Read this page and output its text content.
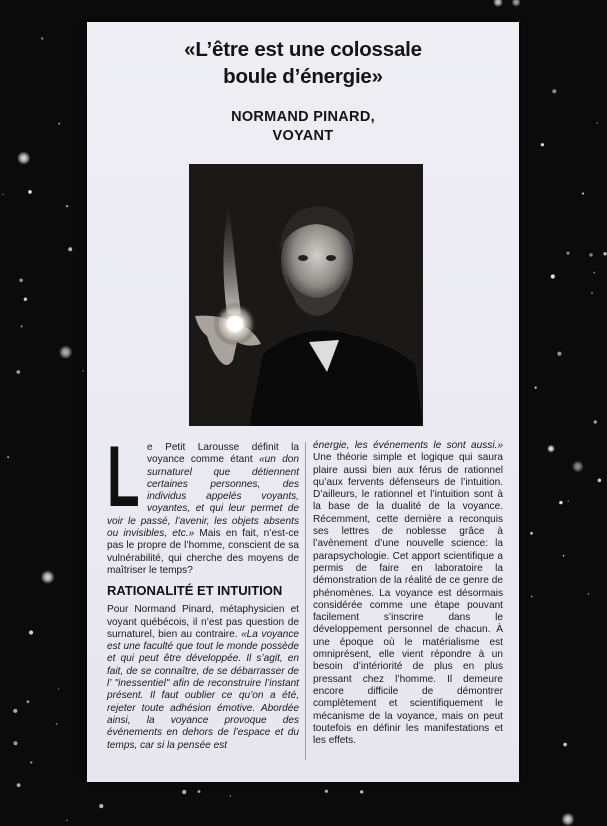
«L’être est une colossale
boule d’énergie»
NORMAND PINARD,
VOYANT

Le Petit Larousse définit la voyance comme étant «un don surnaturel que détiennent certaines personnes, des individus appelés voyants, voyantes, et qui leur permet de voir le passé, l’avenir, les objets absents ou invisibles, etc.» Mais en fait, n’est-ce pas le propre de l’homme, conscient de sa vulnérabilité, qui cherche des moyens de maîtriser le temps?

RATIONALITÉ ET INTUITION

Pour Normand Pinard, métaphysicien et voyant québécois, il n’est pas question de surnaturel, bien au contraire. «La voyance est une faculté que tout le monde possède et qui peut être développée. Il s’agit, en fait, de se connaître, de se débarrasser de l’ "inessentiel" afin de reconstruire l’instant présent. Il faut oublier ce qu’on a été, rejeter toute adhésion émotive. Abordée ainsi, la voyance provoque des événements en dehors de l’espace et du temps, car si la pensée est

énergie, les événements le sont aussi.» Une théorie simple et logique qui saura plaire aussi bien aux férus de rationnel qu’aux fervents défenseurs de l’intuition. D’ailleurs, le rationnel et l’intuition sont à la base de la dualité de la voyance. Récemment, cette dernière a reconquis ses lettres de noblesse grâce à l’avènement d’une nouvelle science: la parapsychologie. Cet apport scientifique a permis de faire en laboratoire la démonstration de la réalité de ce genre de phénomènes. La voyance est désormais considérée comme une étape pouvant facilement s’inscrire dans le développement personnel de chacun. À une époque où le matérialisme est omniprésent, elle vient répondre à un besoin d’intériorité de plus en plus pressant chez l’homme. Il demeure encore difficile de démontrer complètement et scientifiquement le mécanisme de la voyance, mais on peut toutefois en définir les manifestations et les effets.
